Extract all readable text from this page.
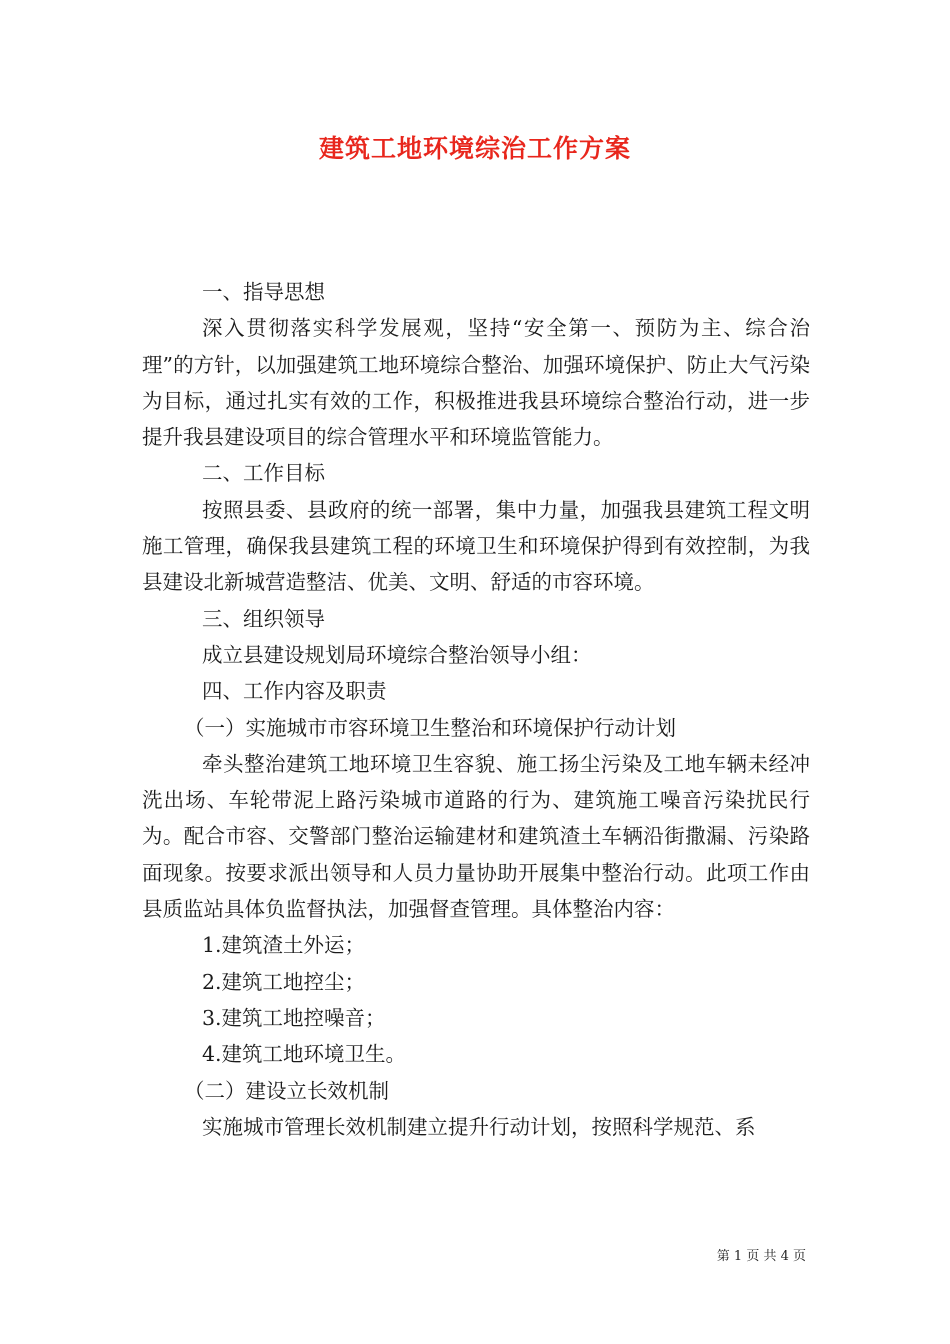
建筑工地环境综治工作方案

一、指导思想

深入贯彻落实科学发展观，坚持“安全第一、预防为主、综合治理”的方针，以加强建筑工地环境综合整治、加强环境保护、防止大气污染为目标，通过扎实有效的工作，积极推进我县环境综合整治行动，进一步提升我县建设项目的综合管理水平和环境监管能力。

二、工作目标

按照县委、县政府的统一部署，集中力量，加强我县建筑工程文明施工管理，确保我县建筑工程的环境卫生和环境保护得到有效控制，为我县建设北新城营造整洁、优美、文明、舒适的市容环境。

三、组织领导

成立县建设规划局环境综合整治领导小组：

四、工作内容及职责

（一）实施城市市容环境卫生整治和环境保护行动计划

牵头整治建筑工地环境卫生容貌、施工扬尘污染及工地车辆未经冲洗出场、车轮带泥上路污染城市道路的行为、建筑施工噪音污染扰民行为。配合市容、交警部门整治运输建材和建筑渣土车辆沿街撒漏、污染路面现象。按要求派出领导和人员力量协助开展集中整治行动。此项工作由县质监站具体负监督执法，加强督查管理。具体整治内容：

1.建筑渣土外运；

2.建筑工地控尘；

3.建筑工地控噪音；

4.建筑工地环境卫生。

（二）建设立长效机制

实施城市管理长效机制建立提升行动计划，按照科学规范、系

第 1 页 共 4 页
